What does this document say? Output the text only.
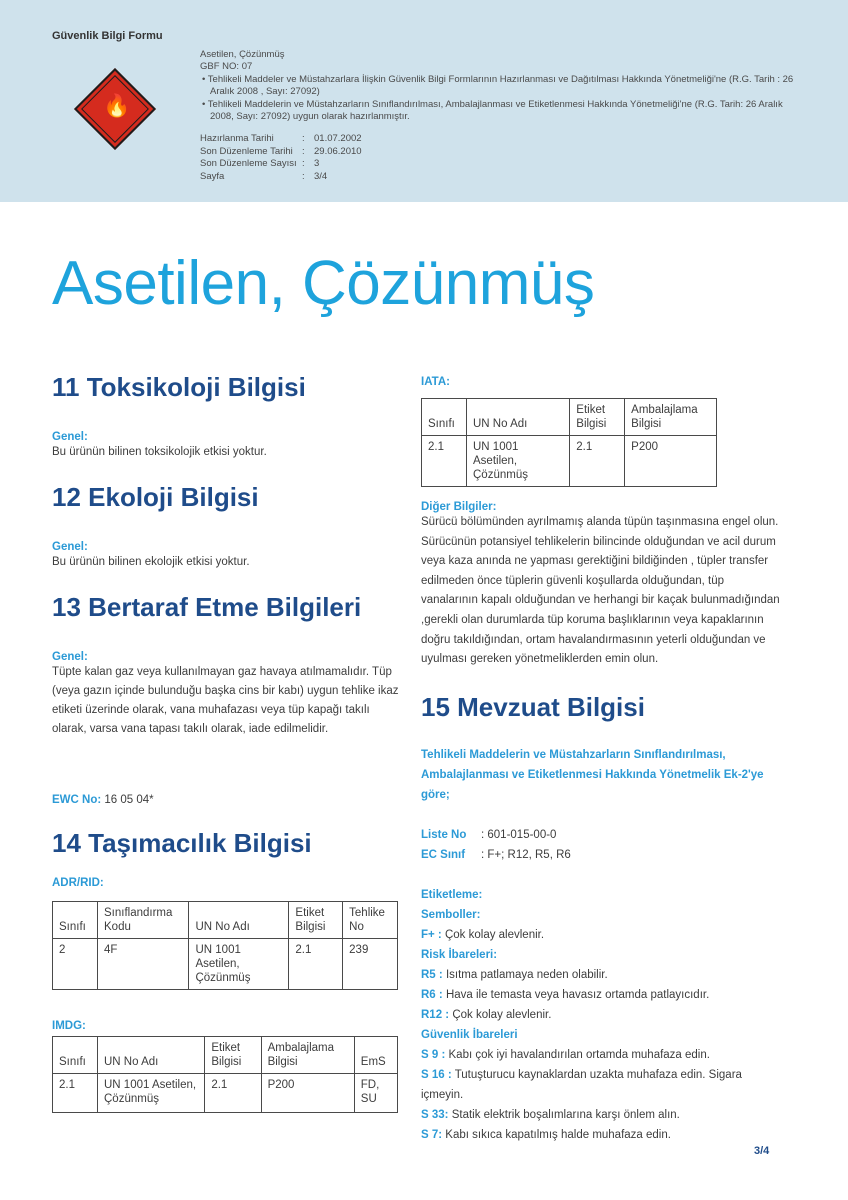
Güvenlik Bilgi Formu
🔥
Asetilen, Çözünmüş
GBF NO: 07
• Tehlikeli Maddeler ve Müstahzarlara İlişkin Güvenlik Bilgi Formlarının Hazırlanması ve Dağıtılması Hakkında Yönetmeliği'ne (R.G. Tarih : 26 Aralık 2008 , Sayı: 27092)
• Tehlikeli Maddelerin ve Müstahzarların Sınıflandırılması, Ambalajlanması ve Etiketlenmesi Hakkında Yönetmeliği'ne (R.G. Tarih: 26 Aralık 2008, Sayı: 27092) uygun olarak hazırlanmıştır.
Hazırlanma Tarihi	: 01.07.2002
Son Düzenleme Tarihi : 29.06.2010
Son Düzenleme Sayısı : 3
Sayfa	: 3/4
Asetilen, Çözünmüş
11 Toksikoloji Bilgisi
Genel:
Bu ürünün bilinen toksikolojik etkisi yoktur.
12 Ekoloji Bilgisi
Genel:
Bu ürünün bilinen ekolojik etkisi yoktur.
13 Bertaraf Etme Bilgileri
Genel:
Tüpte kalan gaz veya kullanılmayan gaz havaya atılmamalıdır. Tüp (veya gazın içinde bulunduğu başka cins bir kabı) uygun tehlike ikaz etiketi üzerinde olarak, vana muhafazası veya tüp kapağı takılı olarak, varsa vana tapası takılı olarak, iade edilmelidir.
EWC No: 16 05 04*
14 Taşımacılık Bilgisi
ADR/RID:
Sınıfı	Sınıflandırma Kodu	UN No Adı	Etiket Bilgisi	Tehlike No
2	4F	UN 1001 Asetilen, Çözünmüş	2.1	239
IMDG:
Sınıfı	UN No Adı	Etiket Bilgisi	Ambalajlama Bilgisi	EmS
2.1	UN 1001 Asetilen, Çözünmüş	2.1	P200	FD, SU
IATA:
Sınıfı	UN No Adı	Etiket Bilgisi	Ambalajlama Bilgisi
2.1	UN 1001 Asetilen, Çözünmüş	2.1	P200
Diğer Bilgiler:
Sürücü bölümünden ayrılmamış alanda tüpün taşınmasına engel olun. Sürücünün potansiyel tehlikelerin bilincinde olduğundan ve acil durum veya kaza anında ne yapması gerektiğini bildiğinden , tüpler transfer edilmeden önce tüplerin güvenli koşullarda olduğundan, tüp vanalarının kapalı olduğundan ve herhangi bir kaçak bulunmadığından ,gerekli olan durumlarda tüp koruma başlıklarının veya kapaklarının doğru takıldığından, ortam havalandırmasının yeterli olduğundan ve uyulması gereken yönetmeliklerden emin olun.
15 Mevzuat Bilgisi
Tehlikeli Maddelerin ve Müstahzarların Sınıflandırılması, Ambalajlanması ve Etiketlenmesi Hakkında Yönetmelik Ek-2'ye göre;
Liste No : 601-015-00-0
EC Sınıf : F+; R12, R5, R6
Etiketleme:
Semboller:
F+ : Çok kolay alevlenir.
Risk İbareleri:
R5 : Isıtma patlamaya neden olabilir.
R6 : Hava ile temasta veya havasız ortamda patlayıcıdır.
R12 : Çok kolay alevlenir.
Güvenlik İbareleri
S 9 : Kabı çok iyi havalandırılan ortamda muhafaza edin.
S 16 : Tutuşturucu kaynaklardan uzakta muhafaza edin. Sigara içmeyin.
S 33: Statik elektrik boşalımlarına karşı önlem alın.
S 7: Kabı sıkıca kapatılmış halde muhafaza edin.
3/4
